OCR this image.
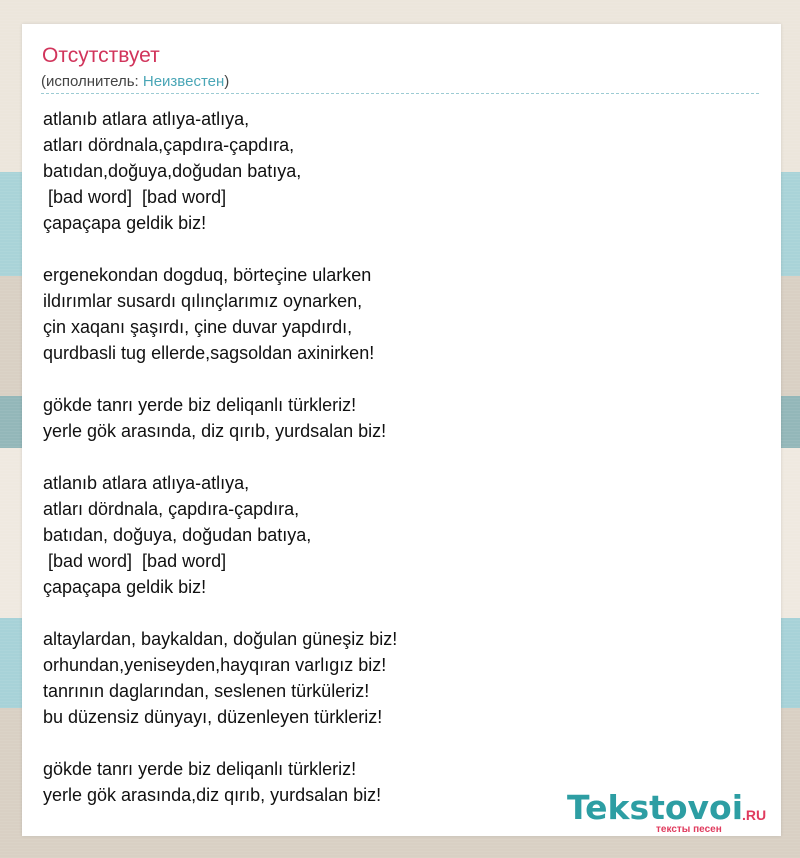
Отсутствует
(исполнитель: Неизвестен)
atlanıb atlara atlıya-atlıya,
atları dördnala,çapdıra-çapdıra,
batıdan,doğuya,doğudan batıya,
[bad word]  [bad word]
çapaçapa geldik biz!

ergenekondan dogduq, börteçine ularken
ildırımlar susardı qılınçlarımız oynarken,
çin xaqanı şaşırdı, çine duvar yapdırdı,
qurdbasli tug ellerde,sagsoldan axinirken!

gökde tanrı yerde biz deliqanlı türkleriz!
yerle gök arasında, diz qırıb, yurdsalan biz!

atlanıb atlara atlıya-atlıya,
atları dördnala, çapdıra-çapdıra,
batıdan, doğuya, doğudan batıya,
[bad word]  [bad word]
çapaçapa geldik biz!

altaylardan, baykaldan, doğulan güneşiz biz!
orhundan,yeniseyden,hayqıran varlıgız biz!
tanrının daglarından, seslenen türküleriz!
bu düzensiz dünyayı, düzenleyen türkleriz!

gökde tanrı yerde biz deliqanlı türkleriz!
yerle gök arasında,diz qırıb, yurdsalan biz!	Tekstovoi
.RU
тексты песен
